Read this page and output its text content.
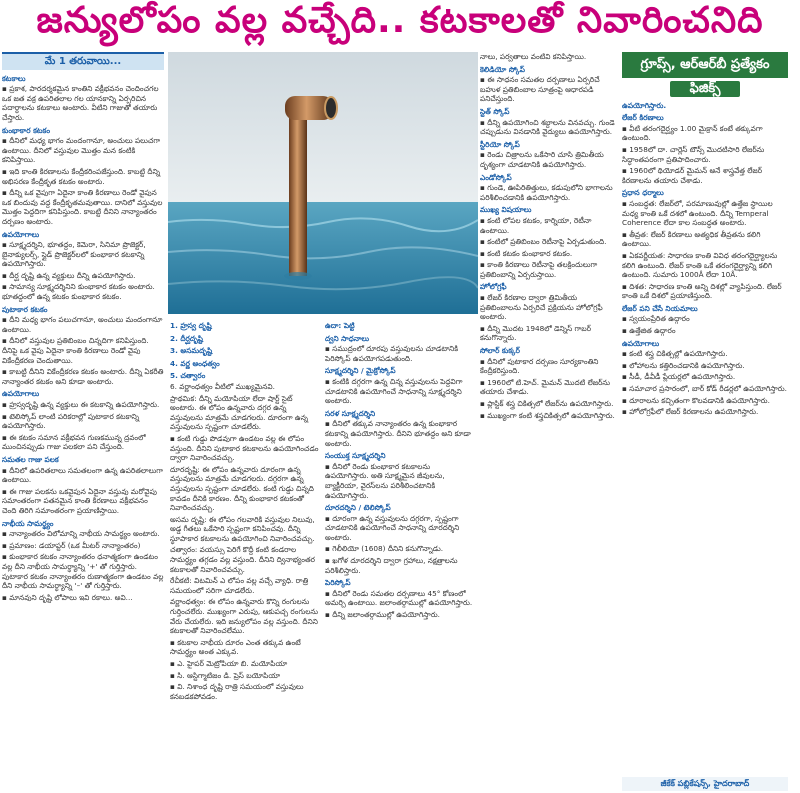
జన్యులోపం వల్ల వచ్చేది.. కటకాలతో నివారించనిది
మే 1 తరువాయి...

కటకాలు

▪ ప్రకాశ, పారదర్శకమైన కాంతిని వక్రీభవనం చెందించగల ఒక జత వక్ర ఉపరితలాల గల యానకాన్ని ఏర్పరిచిన పదార్థాలను కటకాలు అంటారు. వీటిని గాజుతో తయారు చేస్తారు.

కుంభాకార కటకం

▪ దీనిలో మధ్య భాగం మందంగానూ, అంచులు పలుచగా ఉంటాయి. దీనిలో వస్తువుల మొత్తం మన కంటికి కనిపిస్తాయి.

▪ ఇది కాంతి కిరణాలను కేంద్రీకరింపజేస్తుంది. కాబట్టి దీన్ని అభిసరణ కేంద్రీకృత కటకం అంటారు.

▪ దీన్ని ఒక వైపుగా ఏదైనా కాంతి కిరణాలు రెండో వైపున ఒక బిందువు వద్ద కేంద్రీకృతమవుతాయి. దానిలో వస్తువుల మొత్తం పెద్దదిగా కనిపిస్తుంది. కాబట్టి దీనిని నాన్యాంతరం దర్పణం అంటారు.

ఉపయోగాలు

▪ సూక్ష్మదర్శిని, భూతద్దం, కెమెరా, సినిమా ప్రొజెక్టర్, బైనాక్యులర్స్, స్లైడ్ ప్రొజెక్టర్‌లలో కుంభాకార కటకాన్ని ఉపయోగిస్తారు.

▪ దీర్ఘ దృష్టి ఉన్న వ్యక్తులు దీన్ని ఉపయోగిస్తారు.

▪ సామాన్య సూక్ష్మదర్శినిని కుంభాకార కటకం అంటారు. భూతద్దంలో ఉన్న కటకం కుంభాకార కటకం.

పుటాకార కటకం

▪ దీని మధ్య భాగం పలుచగానూ, అంచులు మందంగానూ ఉంటాయి.

▪ దీనిలో వస్తువుల ప్రతిబింబం చిన్నదిగా కనిపిస్తుంది. దీనిపై ఒక వైపు ఏదైనా కాంతి కిరణాలు రెండో వైపు వికేంద్రీకరణ చెందుతాయి.

▪ కాబట్టి దీనిని వికేంద్రీకరణ కటకం అంటారు. దీన్ని ఏకరీతి నాన్యాంతర కటకం అని కూడా అంటారు.

ఉపయోగాలు

▪ హ్రస్వదృష్టి ఉన్న వ్యక్తులు ఈ కటకాన్ని ఉపయోగిస్తారు.

▪ టెలిస్కోప్‌ లాంటి పరికరాల్లో పుటాకార కటకాన్ని ఉపయోగిస్తారు.

▪ ఈ కటకం సమాన వక్రీభవన గుణకమున్న ద్రవంలో ముంచినప్పుడు గాజు పలకలా పని చేస్తుంది.

సమతల గాజు పలక

▪ దీనిలో ఉపరితలాలు సమతలంగా ఉన్న ఉపరితలాలుగా ఉంటాయి.

▪ ఈ గాజు పలకను ఒకవైపున ఏదైనా వస్తువు మరోవైపు సమాంతరంగా పతనమైన కాంతి కిరణాలు వక్రీభవనం చెంది తిరిగి సమాంతరంగా ప్రయాణిస్తాయి.

నాభీయ సామర్థ్యం

▪ నాన్యాంతరం విలోమాన్ని నాభీయ సామర్థ్యం అంటారు.

▪ ప్రమాణం: డయాప్టర్ (ఒక మీటర్ నాన్యాంతరం)

▪ కుంభాకార కటకం నాన్యాంతరం ధనాత్మకంగా ఉండటం వల్ల దీని నాభీయ సామర్థ్యాన్ని '+' తో గుర్తిస్తారు. పుటాకార కటకం నాన్యాంతరం రుణాత్మకంగా ఉండటం వల్ల దీని నాభీయ సామర్థ్యాన్ని '–' తో గుర్తిస్తారు.

▪ మానవుని దృష్టి లోపాలు ఇవి రకాలు. అవి...

1. హ్రస్వ దృష్టి

2. దీర్ఘదృష్టి

3. అసమదృష్టి

4. వర్ణ అంధత్వం

5. చత్వారం

6. వర్ణాంధత్వం వీటిలో ముఖ్యమైనవి.

ప్రాథమిక: దీన్ని మయోపియా లేదా షార్ట్ సైట్ అంటారు. ఈ లోపం ఉన్నవారు దగ్గర ఉన్న వస్తువులను మాత్రమే చూడగలరు. దూరంగా ఉన్న వస్తువులను స్పష్టంగా చూడలేరు.

▪ కంటి గుడ్డు పొడవుగా ఉండటం వల్ల ఈ లోపం వస్తుంది. దీనిని పుటాకార కటకాలను ఉపయోగించడం ద్వారా నివారించవచ్చు.

దూరదృష్టి: ఈ లోపం ఉన్నవారు దూరంగా ఉన్న వస్తువులను మాత్రమే చూడగలరు. దగ్గరగా ఉన్న వస్తువులను స్పష్టంగా చూడలేరు. కంటి గుడ్డు చిన్నది కావడం దీనికి కారణం. దీన్ని కుంభాకార కటకంతో నివారించవచ్చు.

అసమ దృష్టి: ఈ లోపం గలవారికి వస్తువుల నిలువు, అడ్డ గీతలు ఒకేసారి స్పష్టంగా కనిపించవు. దీన్ని స్థూపాకార కటకాలను ఉపయోగించి నివారించవచ్చు.

చత్వారం: వయస్సు పెరిగే కొద్దీ కంటి కండరాల సామర్థ్యం తగ్గడం వల్ల వస్తుంది. దీనిని ద్వినాభ్యంతర కటకాలతో నివారించవచ్చు.

రేచీకటి: విటమిన్ ఎ లోపం వల్ల వచ్చే వ్యాధి. రాత్రి సమయంలో సరిగా చూడలేరు.

వర్ణాంధత్వం: ఈ లోపం ఉన్నవారు కొన్ని రంగులను గుర్తించలేరు. ముఖ్యంగా ఎరుపు, ఆకుపచ్చ రంగులను వేరు చేయలేరు. ఇది జన్యులోపం వల్ల వస్తుంది. దీనిని కటకాలతో నివారించలేము.

▪ కటకాల నాభీయ దూరం ఎంత తక్కువ ఉంటే సామర్థ్యం అంత ఎక్కువ.

▪ ఎ. హైపర్ మెట్రోపియా బి. మయోపియా

▪ సి. ఆస్టిగ్మాటిజం డి. ప్రెస్ బయోపియా

▪ వి. నిశాంధ దృష్టి రాత్రి సమయంలో వస్తువులు కనబడకపోవడం.

ఉదా: పెట్టి

ద్వని సాధనాలు

▪ సముద్రంలో దూరపు వస్తువులను చూడటానికి పెరిస్కోప్ ఉపయోగపడుతుంది.

సూక్ష్మదర్శిని / మైక్రోస్కోప్

▪ కంటికి దగ్గరగా ఉన్న చిన్న వస్తువులను పెద్దవిగా చూడటానికి ఉపయోగించే సాధనాన్ని సూక్ష్మదర్శిని అంటారు.

సరళ సూక్ష్మదర్శిని

▪ దీనిలో తక్కువ నాన్యాంతరం ఉన్న కుంభాకార కటకాన్ని ఉపయోగిస్తారు. దీనిని భూతద్దం అని కూడా అంటారు.

సంయుక్త సూక్ష్మదర్శిని

▪ దీనిలో రెండు కుంభాకార కటకాలను ఉపయోగిస్తారు. అతి సూక్ష్మమైన జీవులను, బ్యాక్టీరియా, వైరస్‌లను పరిశీలించటానికి ఉపయోగిస్తారు.

దూరదర్శిని / టెలిస్కోప్

▪ దూరంగా ఉన్న వస్తువులను దగ్గరగా, స్పష్టంగా చూడటానికి ఉపయోగించే సాధనాన్ని దూరదర్శిని అంటారు.

▪ గెలీలియో (1608) దీనిని కనుగొన్నాడు.

▪ ఖగోళ దూరదర్శిని ద్వారా గ్రహాలు, నక్షత్రాలను పరిశీలిస్తారు.

పెరిస్కోప్

▪ దీనిలో రెండు సమతల దర్పణాలు 45° కోణంలో అమర్చి ఉంటాయి. జలాంతర్గాముల్లో ఉపయోగిస్తారు.

▪ దీన్ని జలాంతర్గాముల్లో ఉపయోగిస్తారు.

నాలు, పర్వతాలు వంటివి కనిపిస్తాయి.

కెలిడియో స్కోప్

▪ ఈ సాధనం సమతల దర్పణాలు ఏర్పరిచే బహుళ ప్రతిబింబాల సూత్రంపై ఆధారపడి పనిచేస్తుంది.

స్టెత్ స్కోప్

▪ దీన్ని ఉపయోగించి శబ్దాలను వినవచ్చు. గుండె చప్పుడును వినడానికి వైద్యులు ఉపయోగిస్తారు.

స్టీరియో స్కోప్

▪ రెండు చిత్రాలను ఒకేసారి చూసి త్రిమితీయ దృశ్యంగా చూడటానికి ఉపయోగిస్తారు.

ఎండోస్కోప్

▪ గుండె, ఊపిరితిత్తులు, కడుపులోని భాగాలను పరిశీలించడానికి ఉపయోగిస్తారు.

ముఖ్య విషయాలు

▪ కంటి లోపల కటకం, కార్నియా, రెటీనా ఉంటాయి.

▪ కంటిలో ప్రతిబింబం రెటీనాపై ఏర్పడుతుంది.

▪ కంటి కటకం కుంభాకార కటకం.

▪ కాంతి కిరణాలు రెటీనాపై తలక్రిందులుగా ప్రతిబింబాన్ని ఏర్పరుస్తాయి.

హోలోగ్రఫీ

▪ లేజర్ కిరణాల ద్వారా త్రిమితీయ ప్రతిబింబాలను ఏర్పరిచే ప్రక్రియను హోలోగ్రఫీ అంటారు.

▪ దీన్ని మొదట 1948లో డెన్నిస్ గాబర్ కనుగొన్నారు.

సోలార్ కుక్కర్

▪ దీనిలో పుటాకార దర్పణం సూర్యకాంతిని కేంద్రీకరిస్తుంది.

▪ 1960లో టి.హెచ్. మైమన్ మొదటి లేజర్‌ను తయారు చేశాడు.

▪ ప్లాస్టిక్ శస్త్ర చికిత్సలో లేజర్‌ను ఉపయోగిస్తారు.

▪ ముఖ్యంగా కంటి శస్త్రచికిత్సలో ఉపయోగిస్తారు.

గ్రూప్స్, ఆర్ఆర్‌బీ ప్రత్యేకం
ఫిజిక్స్

ఉపయోగిస్తారు.

లేజర్ కిరణాలు

▪ వీటి తరంగదైర్ఘ్యం 1.00 మైక్రాన్ కంటే తక్కువగా ఉంటుంది.

▪ 1958లో దా. చార్లెస్ టౌన్స్ మొదటిసారి లేజర్‌ను సిద్ధాంతపరంగా ప్రతిపాదించారు.

▪ 1960లో థియోడర్ మైమన్ అనే శాస్త్రవేత్త లేజర్ కిరణాలను తయారు చేశాడు.

ప్రధాన ధర్మాలు

▪ సంబద్ధత: లేజర్‌లో, పరమాణువుల్లో ఉత్తేజ స్థాయిల మధ్య కాంతి ఒకే దశలో ఉంటుంది. దీన్ని Temperal Coherence లేదా కాల సంబద్ధత అంటారు.

▪ తీవ్రత: లేజర్ కిరణాలు అత్యధిక తీవ్రతను కలిగి ఉంటాయి.

▪ ఏకవర్ణీయత: సాధారణ కాంతి వివిధ తరంగదైర్ఘ్యాలను కలిగి ఉంటుంది. లేజర్ కాంతి ఒకే తరంగదైర్ఘ్యాన్ని కలిగి ఉంటుంది. సుమారు 1000Å లేదా 10Å.

▪ దిశత: సాధారణ కాంతి అన్ని దిశల్లో వ్యాపిస్తుంది. లేజర్ కాంతి ఒకే దిశలో ప్రయాణిస్తుంది.

లేజర్ పని చేసే నియమాలు

▪ స్వయంప్రేరిత ఉద్గారం

▪ ఉత్తేజిత ఉద్గారం

ఉపయోగాలు

▪ కంటి శస్త్ర చికిత్సల్లో ఉపయోగిస్తారు.

▪ లోహాలను కత్తిరించడానికి ఉపయోగిస్తారు.

▪ సీడీ, డీవీడీ ప్లేయర్లలో ఉపయోగిస్తారు.

▪ సమాచార ప్రసారంలో, బార్ కోడ్ రీడర్లలో ఉపయోగిస్తారు.

▪ దూరాలను కచ్చితంగా కొలవడానికి ఉపయోగిస్తారు.

▪ హోలోగ్రఫీలో లేజర్ కిరణాలను ఉపయోగిస్తారు.

జీకేక్ పబ్లికేషన్స్, హైదరాబాద్
